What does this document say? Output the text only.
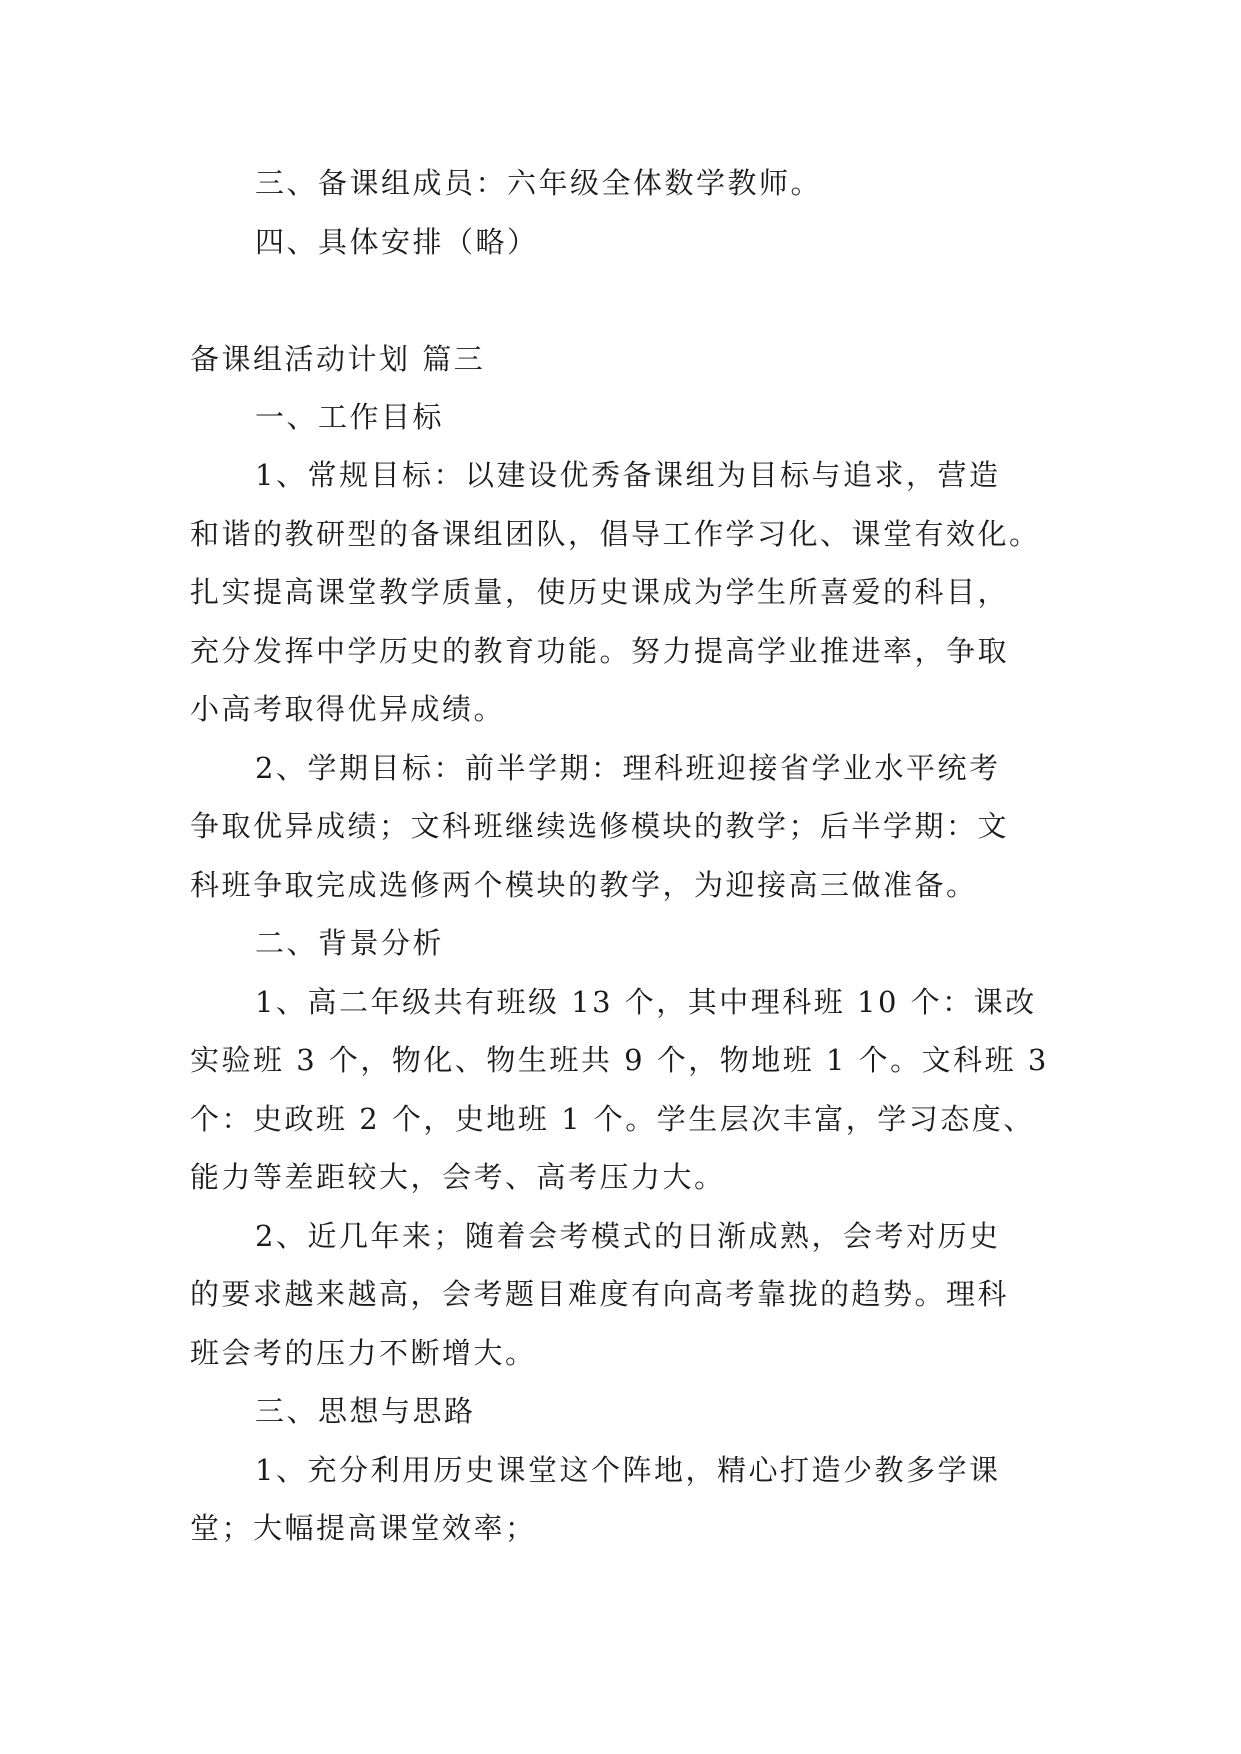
三、备课组成员：六年级全体数学教师。

四、具体安排（略）

备课组活动计划 篇三

一、工作目标

1、常规目标：以建设优秀备课组为目标与追求，营造

和谐的教研型的备课组团队，倡导工作学习化、课堂有效化。

扎实提高课堂教学质量，使历史课成为学生所喜爱的科目，

充分发挥中学历史的教育功能。努力提高学业推进率，争取

小高考取得优异成绩。

2、学期目标：前半学期：理科班迎接省学业水平统考

争取优异成绩；文科班继续选修模块的教学；后半学期：文

科班争取完成选修两个模块的教学，为迎接高三做准备。

二、背景分析

1、高二年级共有班级 13 个，其中理科班 10 个：课改

实验班 3 个，物化、物生班共 9 个，物地班 1 个。文科班 3

个：史政班 2 个，史地班 1 个。学生层次丰富，学习态度、

能力等差距较大，会考、高考压力大。

2、近几年来；随着会考模式的日渐成熟，会考对历史

的要求越来越高，会考题目难度有向高考靠拢的趋势。理科

班会考的压力不断增大。

三、思想与思路

1、充分利用历史课堂这个阵地，精心打造少教多学课

堂；大幅提高课堂效率；
